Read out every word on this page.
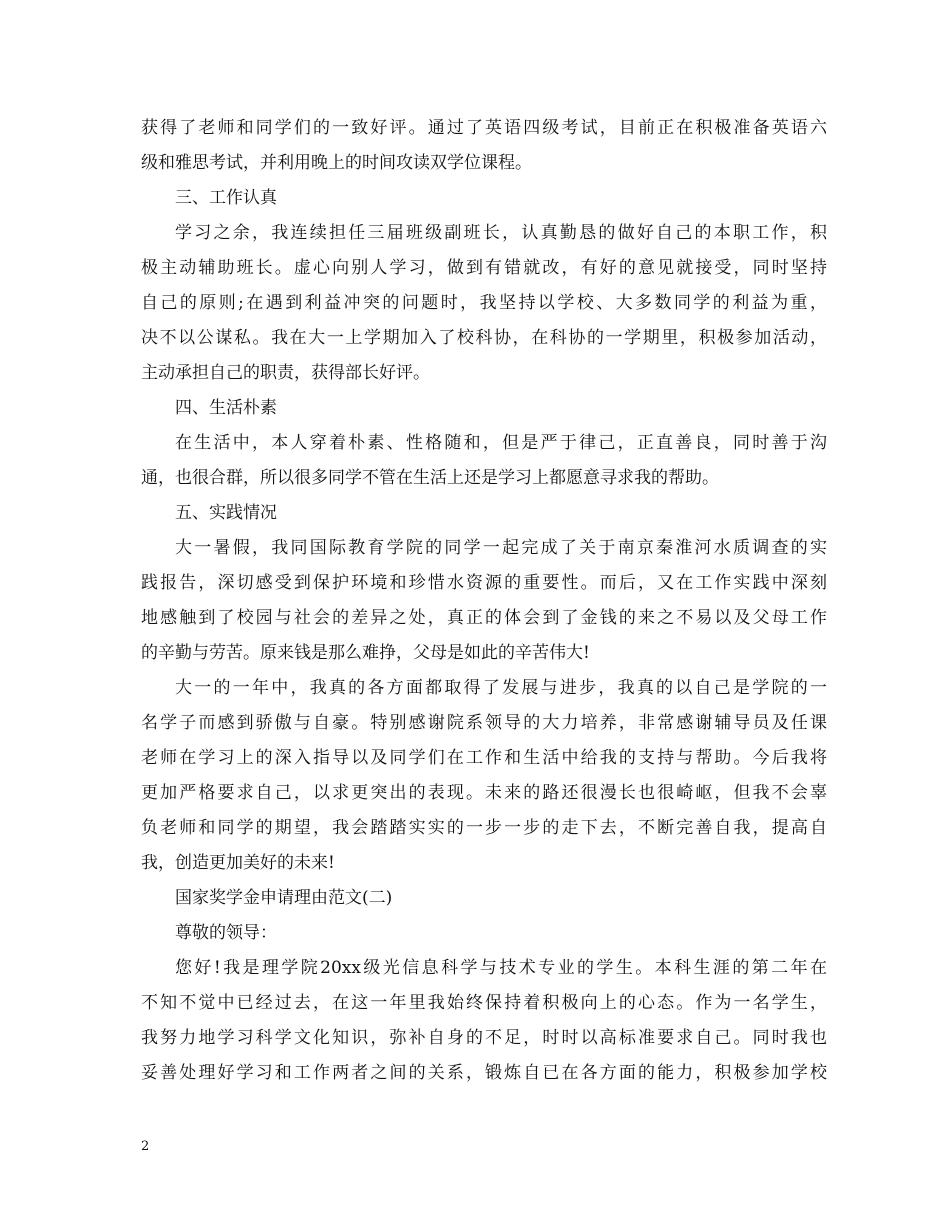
获得了老师和同学们的一致好评。通过了英语四级考试，目前正在积极准备英语六
级和雅思考试，并利用晚上的时间攻读双学位课程。
三、工作认真
学习之余，我连续担任三届班级副班长，认真勤恳的做好自己的本职工作，积
极主动辅助班长。虚心向别人学习，做到有错就改，有好的意见就接受，同时坚持
自己的原则;在遇到利益冲突的问题时，我坚持以学校、大多数同学的利益为重，
决不以公谋私。我在大一上学期加入了校科协，在科协的一学期里，积极参加活动，
主动承担自己的职责，获得部长好评。
四、生活朴素
在生活中，本人穿着朴素、性格随和，但是严于律己，正直善良，同时善于沟
通，也很合群，所以很多同学不管在生活上还是学习上都愿意寻求我的帮助。
五、实践情况
大一暑假，我同国际教育学院的同学一起完成了关于南京秦淮河水质调查的实
践报告，深切感受到保护环境和珍惜水资源的重要性。而后，又在工作实践中深刻
地感触到了校园与社会的差异之处，真正的体会到了金钱的来之不易以及父母工作
的辛勤与劳苦。原来钱是那么难挣，父母是如此的辛苦伟大!
大一的一年中，我真的各方面都取得了发展与进步，我真的以自己是学院的一
名学子而感到骄傲与自豪。特别感谢院系领导的大力培养，非常感谢辅导员及任课
老师在学习上的深入指导以及同学们在工作和生活中给我的支持与帮助。今后我将
更加严格要求自己，以求更突出的表现。未来的路还很漫长也很崎岖，但我不会辜
负老师和同学的期望，我会踏踏实实的一步一步的走下去，不断完善自我，提高自
我，创造更加美好的未来!
国家奖学金申请理由范文(二)
尊敬的领导：
您好!我是理学院20xx级光信息科学与技术专业的学生。本科生涯的第二年在
不知不觉中已经过去，在这一年里我始终保持着积极向上的心态。作为一名学生，
我努力地学习科学文化知识，弥补自身的不足，时时以高标准要求自己。同时我也
妥善处理好学习和工作两者之间的关系，锻炼自已在各方面的能力，积极参加学校
2
